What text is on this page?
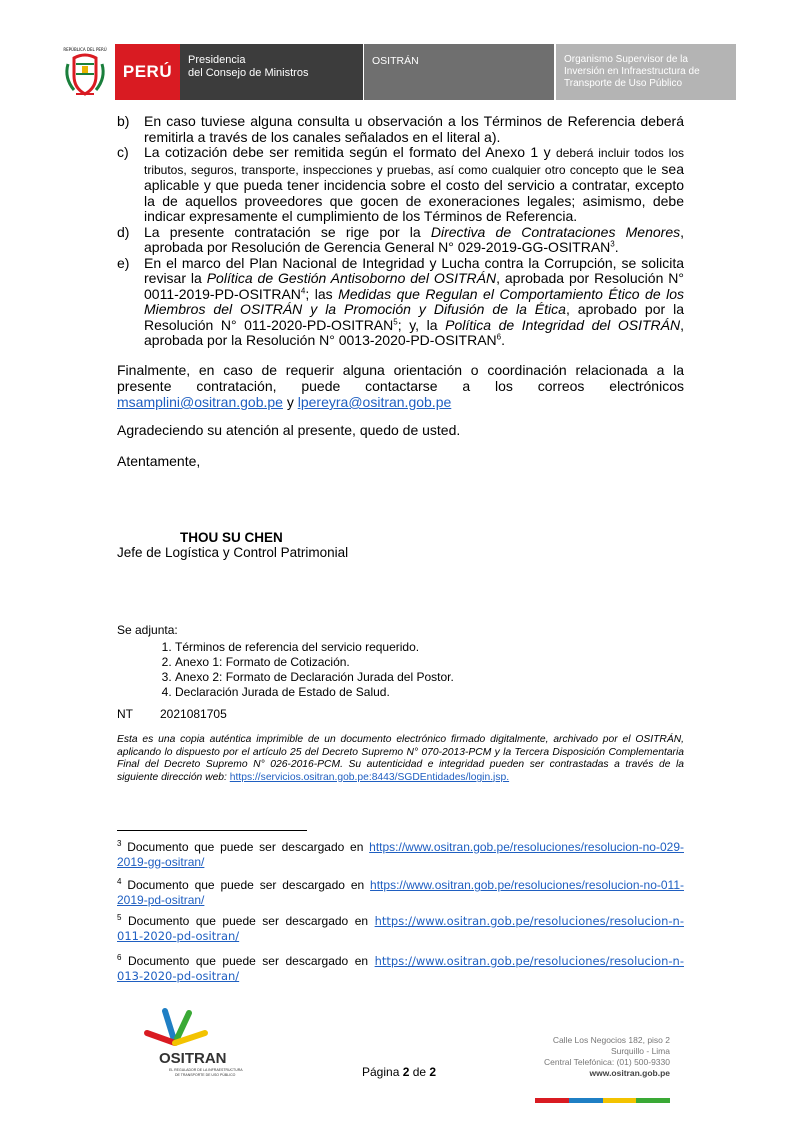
REPÚBLICA DEL PERÚ
PERÚ
Presidencia
del Consejo de Ministros
OSITRÁN	Organismo Supervisor de la
Inversión en Infraestructura de
Transporte de Uso Público
b)	En caso tuviese alguna consulta u observación a los Términos de Referencia deberá remitirla a través de los canales señalados en el literal a).
c)	La cotización debe ser remitida según el formato del Anexo 1 y deberá incluir todos los tributos, seguros, transporte, inspecciones y pruebas, así como cualquier otro concepto que le sea aplicable y que pueda tener incidencia sobre el costo del servicio a contratar, excepto la de aquellos proveedores que gocen de exoneraciones legales; asimismo, debe indicar expresamente el cumplimiento de los Términos de Referencia.
d)	La presente contratación se rige por la Directiva de Contrataciones Menores, aprobada por Resolución de Gerencia General N° 029-2019-GG-OSITRAN$^3$.
e)	En el marco del Plan Nacional de Integridad y Lucha contra la Corrupción, se solicita revisar la Política de Gestión Antisoborno del OSITRÁN, aprobada por Resolución N° 0011-2019-PD-OSITRAN$^4$; las Medidas que Regulan el Comportamiento Ético de los Miembros del OSITRÁN y la Promoción y Difusión de la Ética, aprobado por la Resolución N° 011-2020-PD-OSITRAN$^5$; y, la Política de Integridad del OSITRÁN, aprobada por la Resolución N° 0013-2020-PD-OSITRAN$^6$.
Finalmente, en caso de requerir alguna orientación o coordinación relacionada a la presente contratación, puede contactarse a los correos electrónicos msamplini@ositran.gob.pe y lpereyra@ositran.gob.pe
Agradeciendo su atención al presente, quedo de usted.
Atentamente,
THOU SU CHEN
Jefe de Logística y Control Patrimonial
Se adjunta:
1. Términos de referencia del servicio requerido.
2. Anexo 1: Formato de Cotización.
3. Anexo 2: Formato de Declaración Jurada del Postor.
4. Declaración Jurada de Estado de Salud.
NT	2021081705
Esta es una copia auténtica imprimible de un documento electrónico firmado digitalmente, archivado por el OSITRÁN, aplicando lo dispuesto por el artículo 25 del Decreto Supremo N° 070-2013-PCM y la Tercera Disposición Complementaria Final del Decreto Supremo N° 026-2016-PCM. Su autenticidad e integridad pueden ser contrastadas a través de la siguiente dirección web: https://servicios.ositran.gob.pe:8443/SGDEntidades/login.jsp.
$^3$ Documento que puede ser descargado en https://www.ositran.gob.pe/resoluciones/resolucion-no-029-2019-gg-ositran/
$^4$ Documento que puede ser descargado en https://www.ositran.gob.pe/resoluciones/resolucion-no-011-2019-pd-ositran/
$^5$ Documento que puede ser descargado en https://www.ositran.gob.pe/resoluciones/resolucion-n-011-2020-pd-ositran/
$^6$ Documento que puede ser descargado en https://www.ositran.gob.pe/resoluciones/resolucion-n-013-2020-pd-ositran/
OSITRAN
EL REGULADOR DE LA INFRAESTRUCTURA
DE TRANSPORTE DE USO PÚBLICO	Página 2 de 2
Calle Los Negocios 182, piso 2
Surquillo - Lima
Central Telefónica: (01) 500-9330
www.ositran.gob.pe
